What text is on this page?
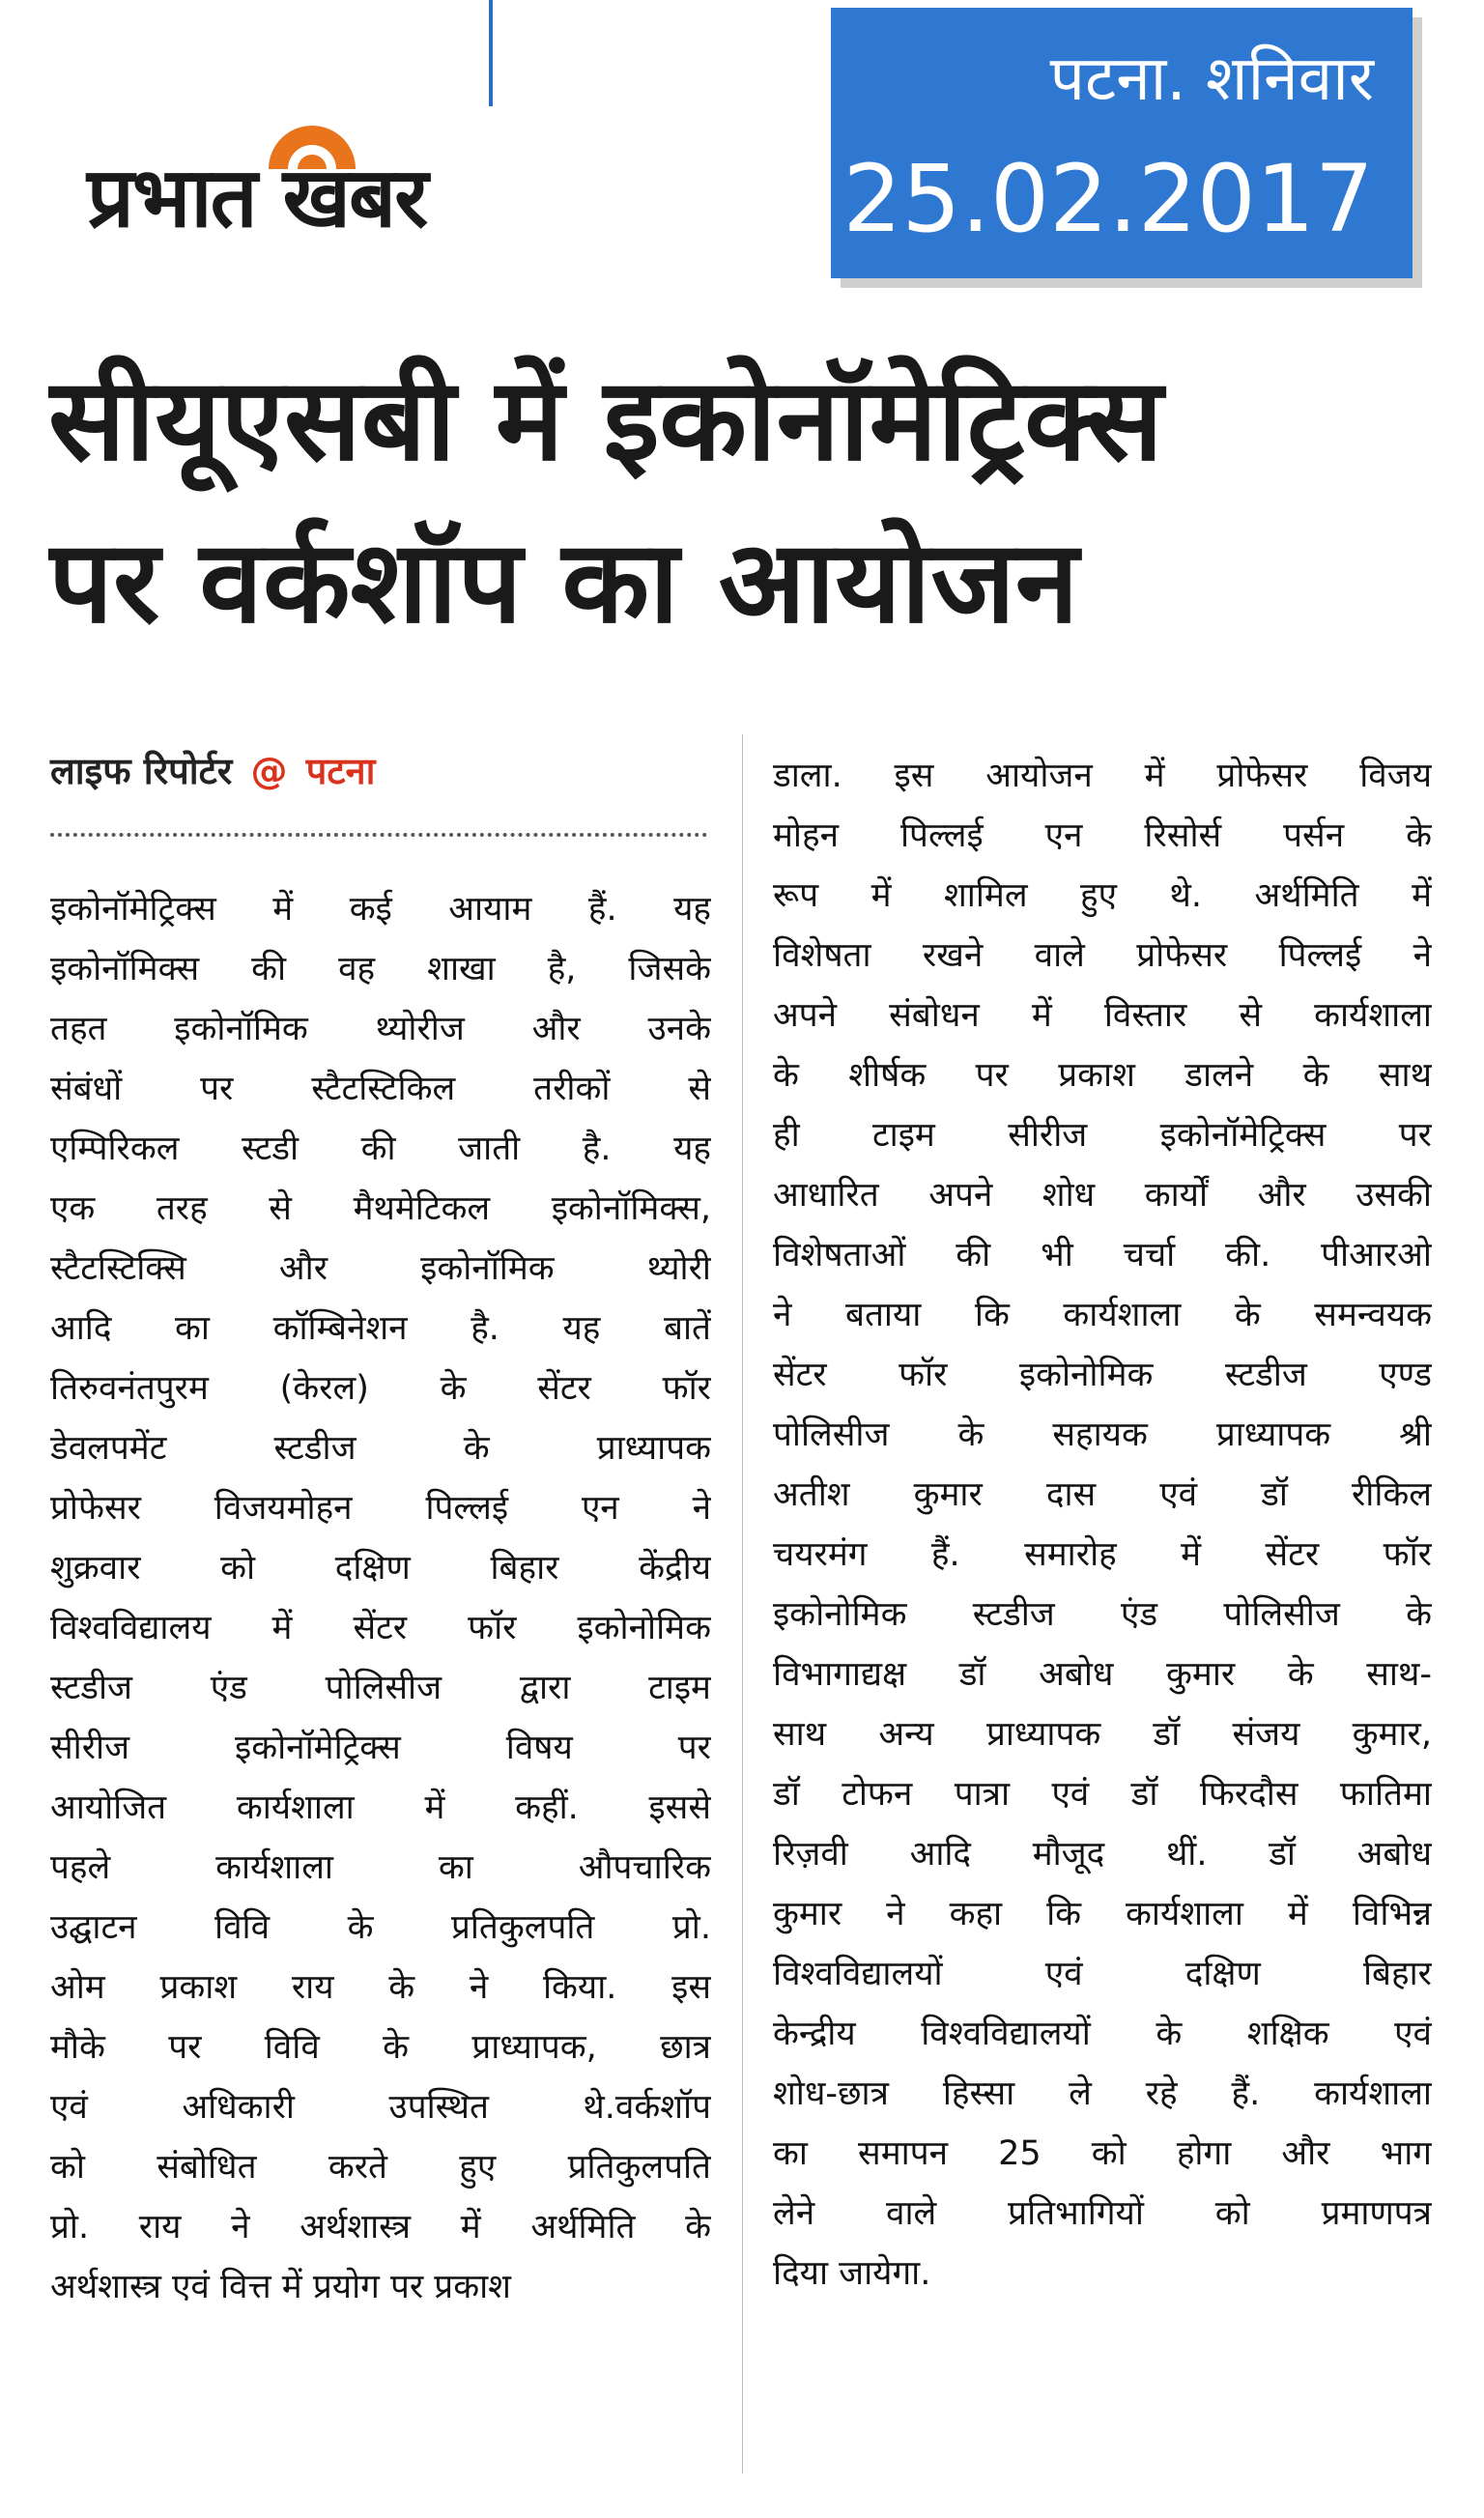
प्रभात खबर
पटना. शनिवार
25.02.2017
सीयूएसबी में इकोनॉमेट्रिक्स
पर वर्कशॉप का आयोजन
लाइफ रिपोर्टर @ पटना
इकोनॉमेट्रिक्स में कई आयाम हैं. यह
इकोनॉमिक्स की वह शाखा है, जिसके
तहत इकोनॉमिक थ्योरीज और उनके
संबंधों पर स्टैटस्टिकिल तरीकों से
एम्पिरिकल स्टडी की जाती है. यह
एक तरह से मैथमेटिकल इकोनॉमिक्स,
स्टैटस्टिक्सि और इकोनॉमिक थ्योरी
आदि का कॉम्बिनेशन है. यह बातें
तिरुवनंतपुरम (केरल) के सेंटर फॉर
डेवलपमेंट स्टडीज के प्राध्यापक
प्रोफेसर विजयमोहन पिल्लई एन ने
शुक्रवार को दक्षिण बिहार केंद्रीय
विश्वविद्यालय में सेंटर फॉर इकोनोमिक
स्टडीज एंड पोलिसीज द्वारा टाइम
सीरीज इकोनॉमेट्रिक्स विषय पर
आयोजित कार्यशाला में कहीं. इससे
पहले कार्यशाला का औपचारिक
उद्घाटन विवि के प्रतिकुलपति प्रो.
ओम प्रकाश राय के ने किया. इस
मौके पर विवि के प्राध्यापक, छात्र
एवं अधिकारी उपस्थित थे.वर्कशॉप
को संबोधित करते हुए प्रतिकुलपति
प्रो. राय ने अर्थशास्त्र में अर्थमिति के
अर्थशास्त्र एवं वित्त में प्रयोग पर प्रकाश
डाला. इस आयोजन में प्रोफेसर विजय
मोहन पिल्लई एन रिसोर्स पर्सन के
रूप में शामिल हुए थे. अर्थमिति में
विशेषता रखने वाले प्रोफेसर पिल्लई ने
अपने संबोधन में विस्तार से कार्यशाला
के शीर्षक पर प्रकाश डालने के साथ
ही टाइम सीरीज इकोनॉमेट्रिक्स पर
आधारित अपने शोध कार्यों और उसकी
विशेषताओं की भी चर्चा की. पीआरओ
ने बताया कि कार्यशाला के समन्वयक
सेंटर फॉर इकोनोमिक स्टडीज एण्ड
पोलिसीज के सहायक प्राध्यापक श्री
अतीश कुमार दास एवं डॉ रीकिल
चयरमंग हैं. समारोह में सेंटर फॉर
इकोनोमिक स्टडीज एंड पोलिसीज के
विभागाद्यक्ष डॉ अबोध कुमार के साथ-
साथ अन्य प्राध्यापक डॉ संजय कुमार,
डॉ टोफन पात्रा एवं डॉ फिरदौस फातिमा
रिज़वी आदि मौजूद थीं. डॉ अबोध
कुमार ने कहा कि कार्यशाला में विभिन्न
विश्वविद्यालयों एवं दक्षिण बिहार
केन्द्रीय विश्वविद्यालयों के शक्षिक एवं
शोध-छात्र हिस्सा ले रहे हैं. कार्यशाला
का समापन 25 को होगा और भाग
लेने वाले प्रतिभागियों को प्रमाणपत्र
दिया जायेगा.
